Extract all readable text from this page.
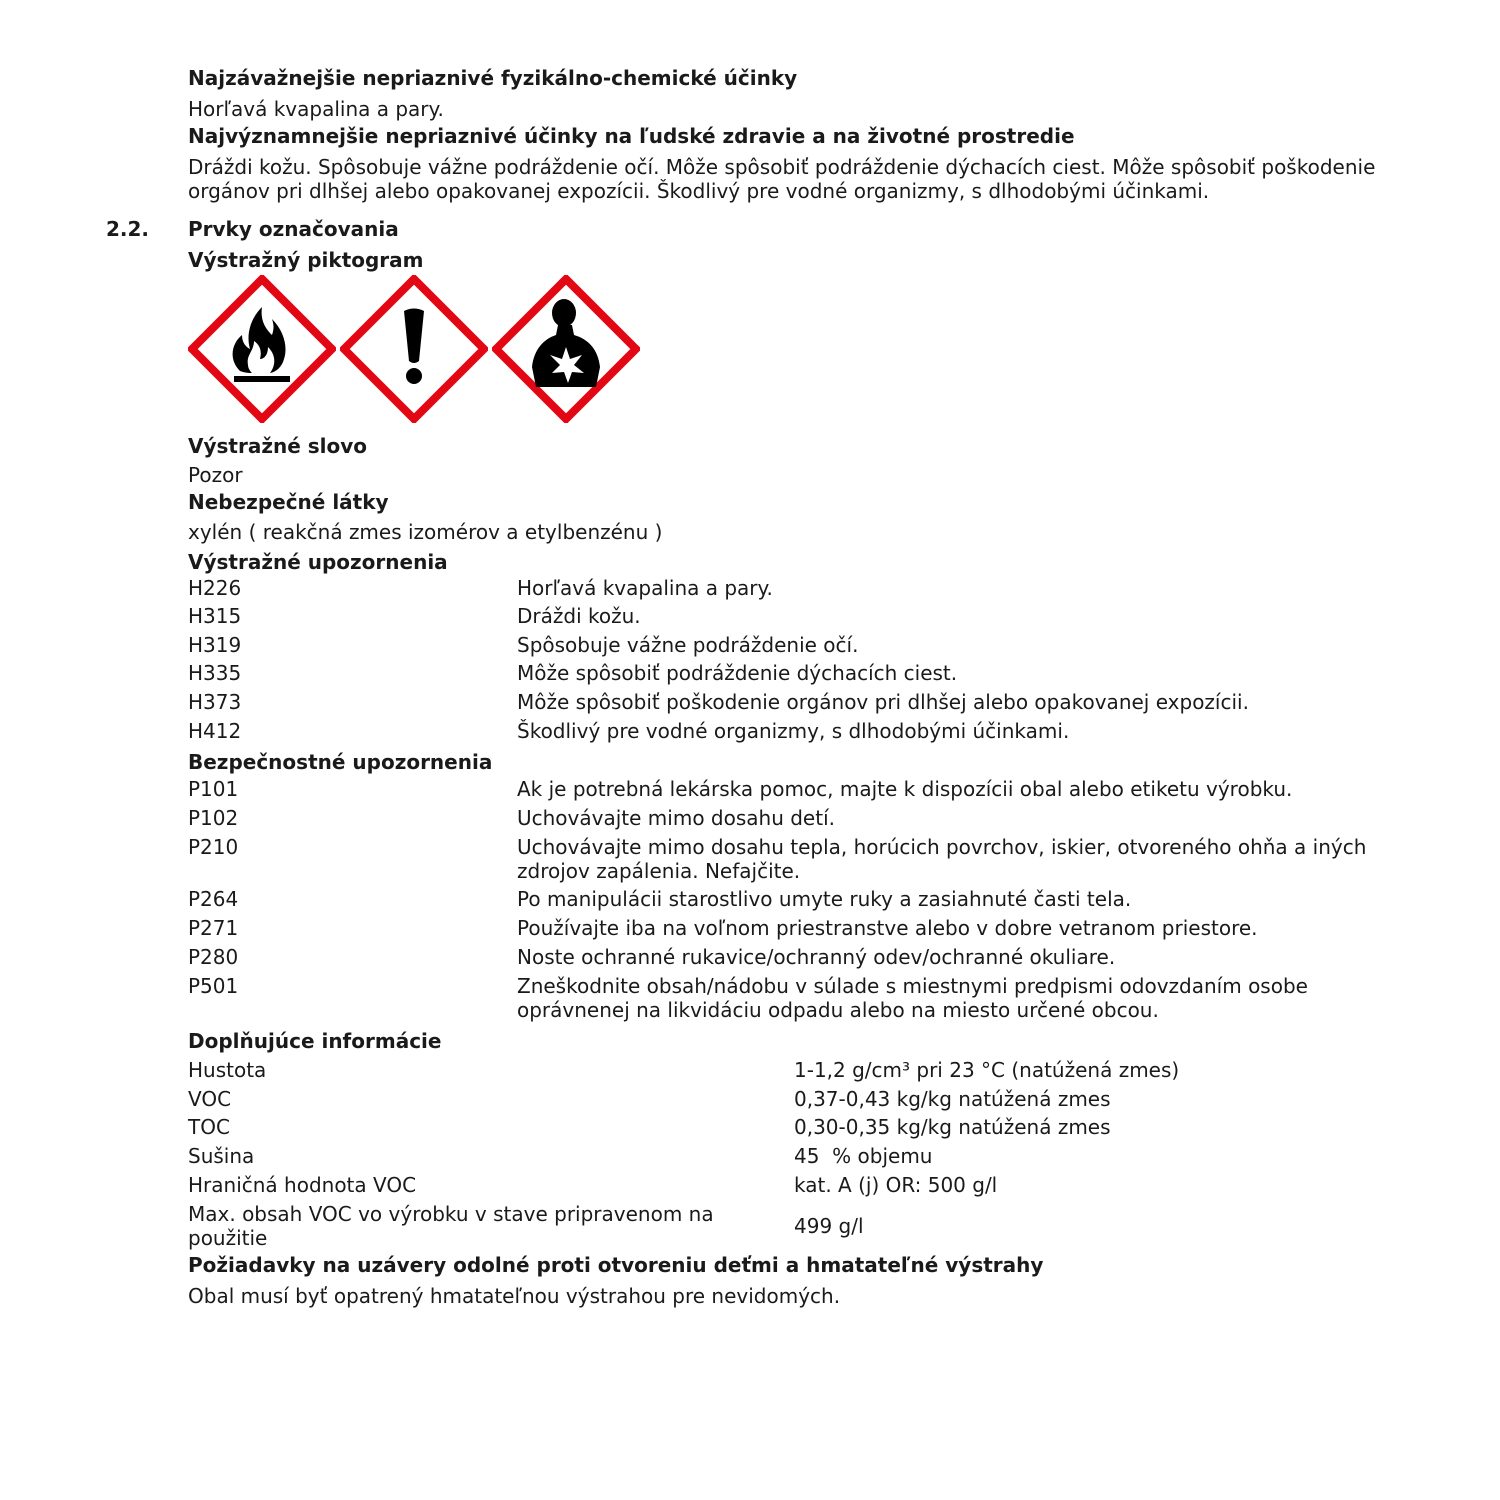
Najzávažnejšie nepriaznivé fyzikálno-chemické účinky
Horľavá kvapalina a pary.
Najvýznamnejšie nepriaznivé účinky na ľudské zdravie a na životné prostredie
Dráždi kožu. Spôsobuje vážne podráždenie očí. Môže spôsobiť podráždenie dýchacích ciest. Môže spôsobiť poškodenie
orgánov pri dlhšej alebo opakovanej expozícii. Škodlivý pre vodné organizmy, s dlhodobými účinkami.
2.2. Prvky označovania
Výstražný piktogram
Výstražné slovo
Pozor
Nebezpečné látky
xylén ( reakčná zmes izomérov a etylbenzénu )
Výstražné upozornenia
H226	Horľavá kvapalina a pary.
H315	Dráždi kožu.
H319	Spôsobuje vážne podráždenie očí.
H335	Môže spôsobiť podráždenie dýchacích ciest.
H373	Môže spôsobiť poškodenie orgánov pri dlhšej alebo opakovanej expozícii.
H412	Škodlivý pre vodné organizmy, s dlhodobými účinkami.
Bezpečnostné upozornenia
P101	Ak je potrebná lekárska pomoc, majte k dispozícii obal alebo etiketu výrobku.
P102	Uchovávajte mimo dosahu detí.
P210	Uchovávajte mimo dosahu tepla, horúcich povrchov, iskier, otvoreného ohňa a iných
zdrojov zapálenia. Nefajčite.
P264	Po manipulácii starostlivo umyte ruky a zasiahnuté časti tela.
P271	Používajte iba na voľnom priestranstve alebo v dobre vetranom priestore.
P280	Noste ochranné rukavice/ochranný odev/ochranné okuliare.
P501	Zneškodnite obsah/nádobu v súlade s miestnymi predpismi odovzdaním osobe
oprávnenej na likvidáciu odpadu alebo na miesto určené obcou.
Doplňujúce informácie
Hustota	1-1,2 g/cm³ pri 23 °C (natúžená zmes)
VOC	0,37-0,43 kg/kg natúžená zmes
TOC	0,30-0,35 kg/kg natúžená zmes
Sušina	45  % objemu
Hraničná hodnota VOC	kat. A (j) OR: 500 g/l
Max. obsah VOC vo výrobku v stave pripravenom na
použitie	499 g/l
Požiadavky na uzávery odolné proti otvoreniu deťmi a hmatateľné výstrahy
Obal musí byť opatrený hmatateľnou výstrahou pre nevidomých.
